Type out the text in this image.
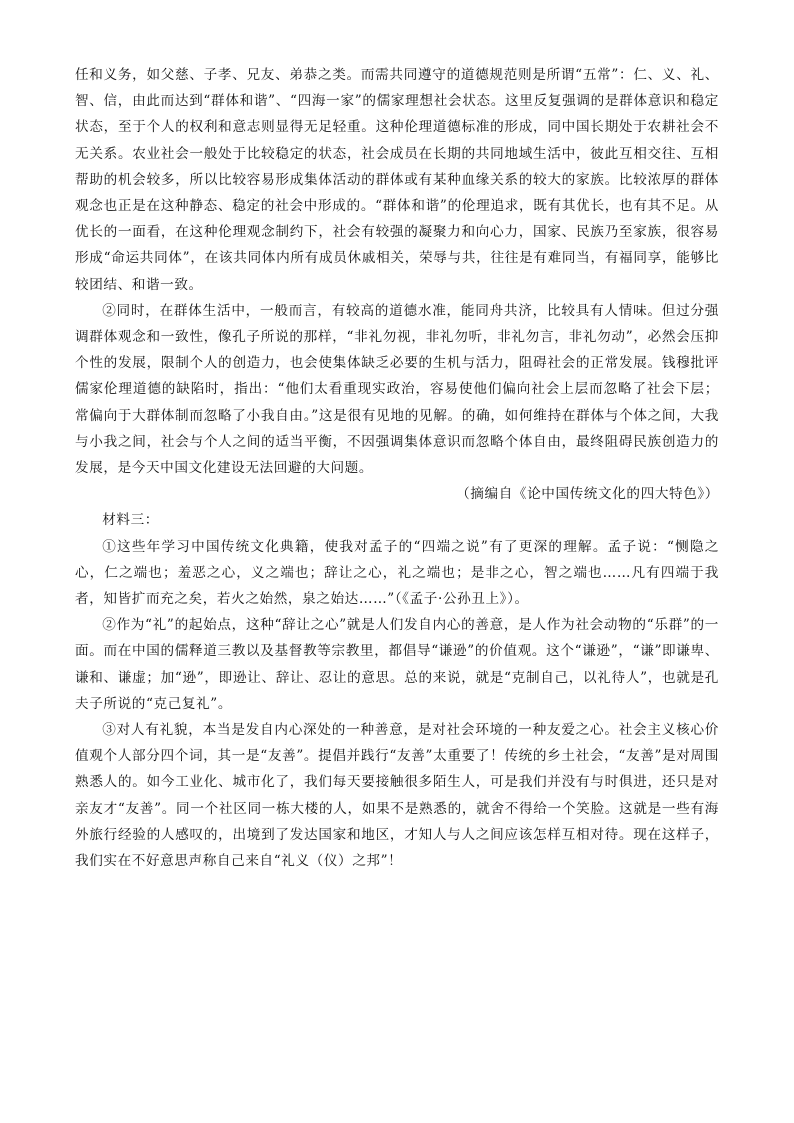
任和义务，如父慈、子孝、兄友、弟恭之类。而需共同遵守的道德规范则是所谓“五常”：仁、义、礼、智、信，由此而达到“群体和谐”、“四海一家”的儒家理想社会状态。这里反复强调的是群体意识和稳定状态，至于个人的权利和意志则显得无足轻重。这种伦理道德标准的形成，同中国长期处于农耕社会不无关系。农业社会一般处于比较稳定的状态，社会成员在长期的共同地域生活中，彼此互相交往、互相帮助的机会较多，所以比较容易形成集体活动的群体或有某种血缘关系的较大的家族。比较浓厚的群体观念也正是在这种静态、稳定的社会中形成的。“群体和谐”的伦理追求，既有其优长，也有其不足。从优长的一面看，在这种伦理观念制约下，社会有较强的凝聚力和向心力，国家、民族乃至家族，很容易形成“命运共同体”，在该共同体内所有成员休戚相关，荣辱与共，往往是有难同当，有福同享，能够比较团结、和谐一致。

②同时，在群体生活中，一般而言，有较高的道德水准，能同舟共济，比较具有人情味。但过分强调群体观念和一致性，像孔子所说的那样，“非礼勿视，非礼勿听，非礼勿言，非礼勿动”，必然会压抑个性的发展，限制个人的创造力，也会使集体缺乏必要的生机与活力，阻碍社会的正常发展。钱穆批评儒家伦理道德的缺陷时，指出：“他们太看重现实政治，容易使他们偏向社会上层而忽略了社会下层；常偏向于大群体制而忽略了小我自由。”这是很有见地的见解。的确，如何维持在群体与个体之间，大我与小我之间，社会与个人之间的适当平衡，不因强调集体意识而忽略个体自由，最终阻碍民族创造力的发展，是今天中国文化建设无法回避的大问题。

（摘编自《论中国传统文化的四大特色》）

材料三：

①这些年学习中国传统文化典籍，使我对孟子的“四端之说”有了更深的理解。孟子说：“恻隐之心，仁之端也；羞恶之心，义之端也；辞让之心，礼之端也；是非之心，智之端也……凡有四端于我者，知皆扩而充之矣，若火之始然，泉之始达……”（《孟子·公孙丑上》）。

②作为“礼”的起始点，这种“辞让之心”就是人们发自内心的善意，是人作为社会动物的“乐群”的一面。而在中国的儒释道三教以及基督教等宗教里，都倡导“谦逊”的价值观。这个“谦逊”，“谦”即谦卑、谦和、谦虚；加“逊”，即逊让、辞让、忍让的意思。总的来说，就是“克制自己，以礼待人”，也就是孔夫子所说的“克己复礼”。

③对人有礼貌，本当是发自内心深处的一种善意，是对社会环境的一种友爱之心。社会主义核心价值观个人部分四个词，其一是“友善”。提倡并践行“友善”太重要了！传统的乡土社会，“友善”是对周围熟悉人的。如今工业化、城市化了，我们每天要接触很多陌生人，可是我们并没有与时俱进，还只是对亲友才“友善”。同一个社区同一栋大楼的人，如果不是熟悉的，就舍不得给一个笑脸。这就是一些有海外旅行经验的人感叹的，出境到了发达国家和地区，才知人与人之间应该怎样互相对待。现在这样子，我们实在不好意思声称自己来自“礼义（仪）之邦”！
